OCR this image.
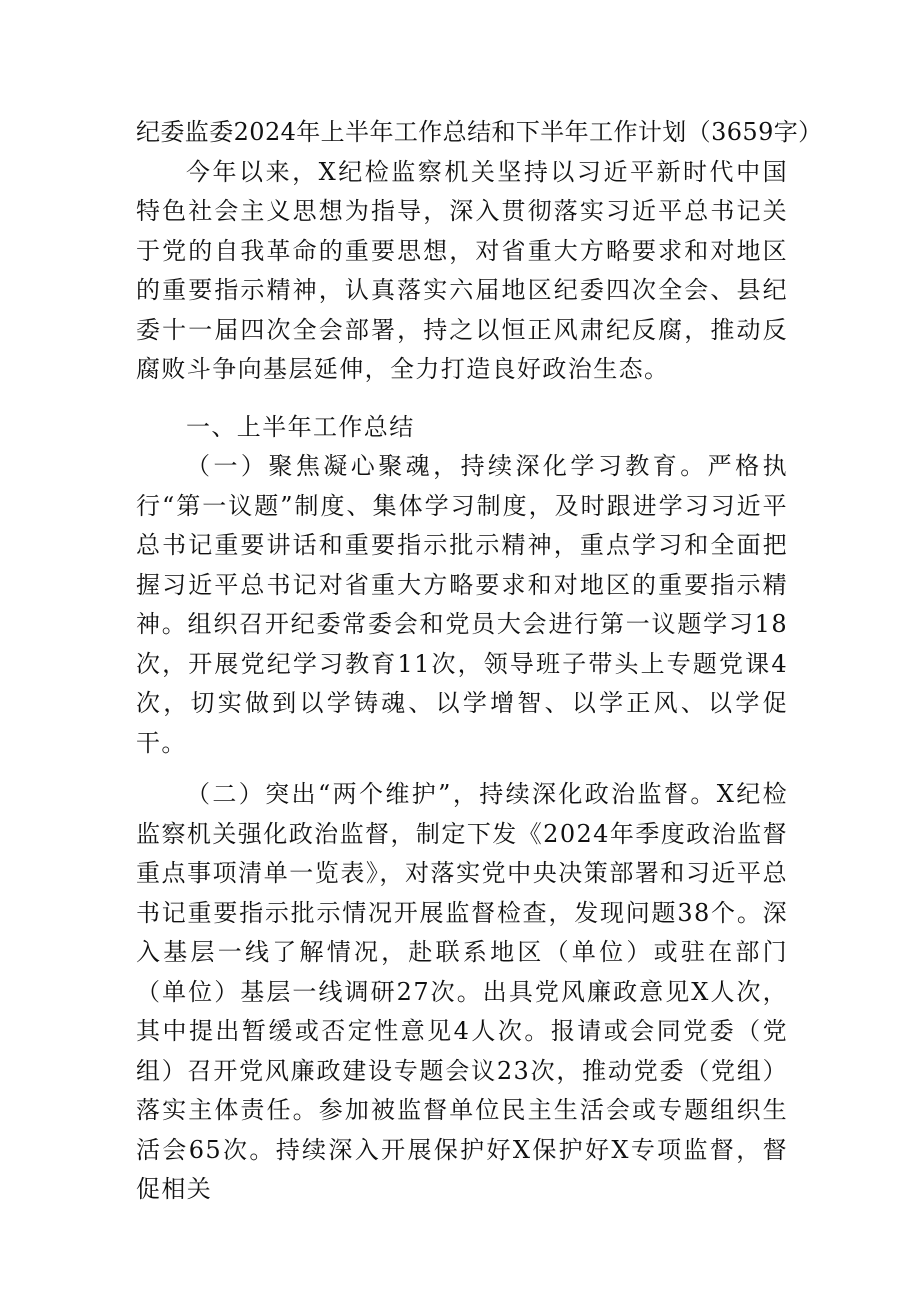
纪委监委2024年上半年工作总结和下半年工作计划（3659字）

今年以来，X纪检监察机关坚持以习近平新时代中国特色社会主义思想为指导，深入贯彻落实习近平总书记关于党的自我革命的重要思想，对省重大方略要求和对地区的重要指示精神，认真落实六届地区纪委四次全会、县纪委十一届四次全会部署，持之以恒正风肃纪反腐，推动反腐败斗争向基层延伸，全力打造良好政治生态。

一、上半年工作总结

（一）聚焦凝心聚魂，持续深化学习教育。严格执行“第一议题”制度、集体学习制度，及时跟进学习习近平总书记重要讲话和重要指示批示精神，重点学习和全面把握习近平总书记对省重大方略要求和对地区的重要指示精神。组织召开纪委常委会和党员大会进行第一议题学习18次，开展党纪学习教育11次，领导班子带头上专题党课4次，切实做到以学铸魂、以学增智、以学正风、以学促干。

（二）突出“两个维护”，持续深化政治监督。X纪检监察机关强化政治监督，制定下发《2024年季度政治监督重点事项清单一览表》，对落实党中央决策部署和习近平总书记重要指示批示情况开展监督检查，发现问题38个。深入基层一线了解情况，赴联系地区（单位）或驻在部门（单位）基层一线调研27次。出具党风廉政意见X人次，其中提出暂缓或否定性意见4人次。报请或会同党委（党组）召开党风廉政建设专题会议23次，推动党委（党组）落实主体责任。参加被监督单位民主生活会或专题组织生活会65次。持续深入开展保护好X保护好X专项监督，督促相关
